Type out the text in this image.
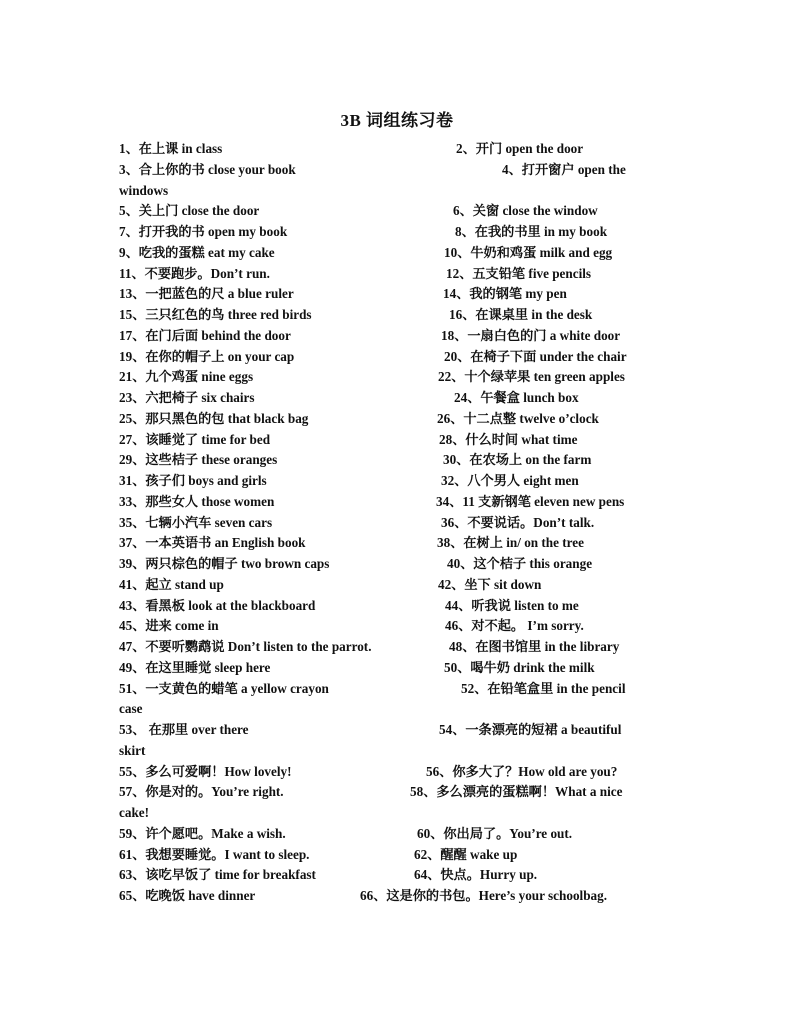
3B 词组练习卷
1、在上课 in class	2、开门 open the door
3、合上你的书 close your book	4、打开窗户 open the
windows
5、关上门 close the door	6、关窗 close the window
7、打开我的书 open my book	8、在我的书里 in my book
9、吃我的蛋糕 eat my cake	10、牛奶和鸡蛋 milk and egg
11、不要跑步。Don’t run.	12、五支铅笔 five pencils
13、一把蓝色的尺 a blue ruler	14、我的钢笔 my pen
15、三只红色的鸟 three red birds	16、在课桌里 in the desk
17、在门后面 behind the door	18、一扇白色的门 a white door
19、在你的帽子上 on your cap	20、在椅子下面 under the chair
21、九个鸡蛋 nine eggs	22、十个绿苹果 ten green apples
23、六把椅子 six chairs	24、午餐盒 lunch box
25、那只黑色的包 that black bag	26、十二点整 twelve o’clock
27、该睡觉了 time for bed	28、什么时间 what time
29、这些桔子 these oranges	30、在农场上 on the farm
31、孩子们 boys and girls	32、八个男人 eight men
33、那些女人 those women	34、11 支新钢笔 eleven new pens
35、七辆小汽车 seven cars	36、不要说话。Don’t talk.
37、一本英语书 an English book	38、在树上 in/ on the tree
39、两只棕色的帽子 two brown caps	40、这个桔子 this orange
41、起立 stand up	42、坐下 sit down
43、看黑板 look at the blackboard	44、听我说 listen to me
45、进来 come in	46、对不起。 I’m sorry.
47、不要听鹦鹉说 Don’t listen to the parrot.	48、在图书馆里 in the library
49、在这里睡觉 sleep here	50、喝牛奶 drink the milk
51、一支黄色的蜡笔 a yellow crayon	52、在铅笔盒里 in the pencil
case
53、 在那里 over there	54、一条漂亮的短裙 a beautiful
skirt
55、多么可爱啊！How lovely!	56、你多大了？How old are you?
57、你是对的。You’re right.	58、多么漂亮的蛋糕啊！What a nice
cake!
59、许个愿吧。Make a wish.	60、你出局了。You’re out.
61、我想要睡觉。I want to sleep.	62、醒醒 wake up
63、该吃早饭了 time for breakfast	64、快点。Hurry up.
65、吃晚饭 have dinner	66、这是你的书包。Here’s your schoolbag.
